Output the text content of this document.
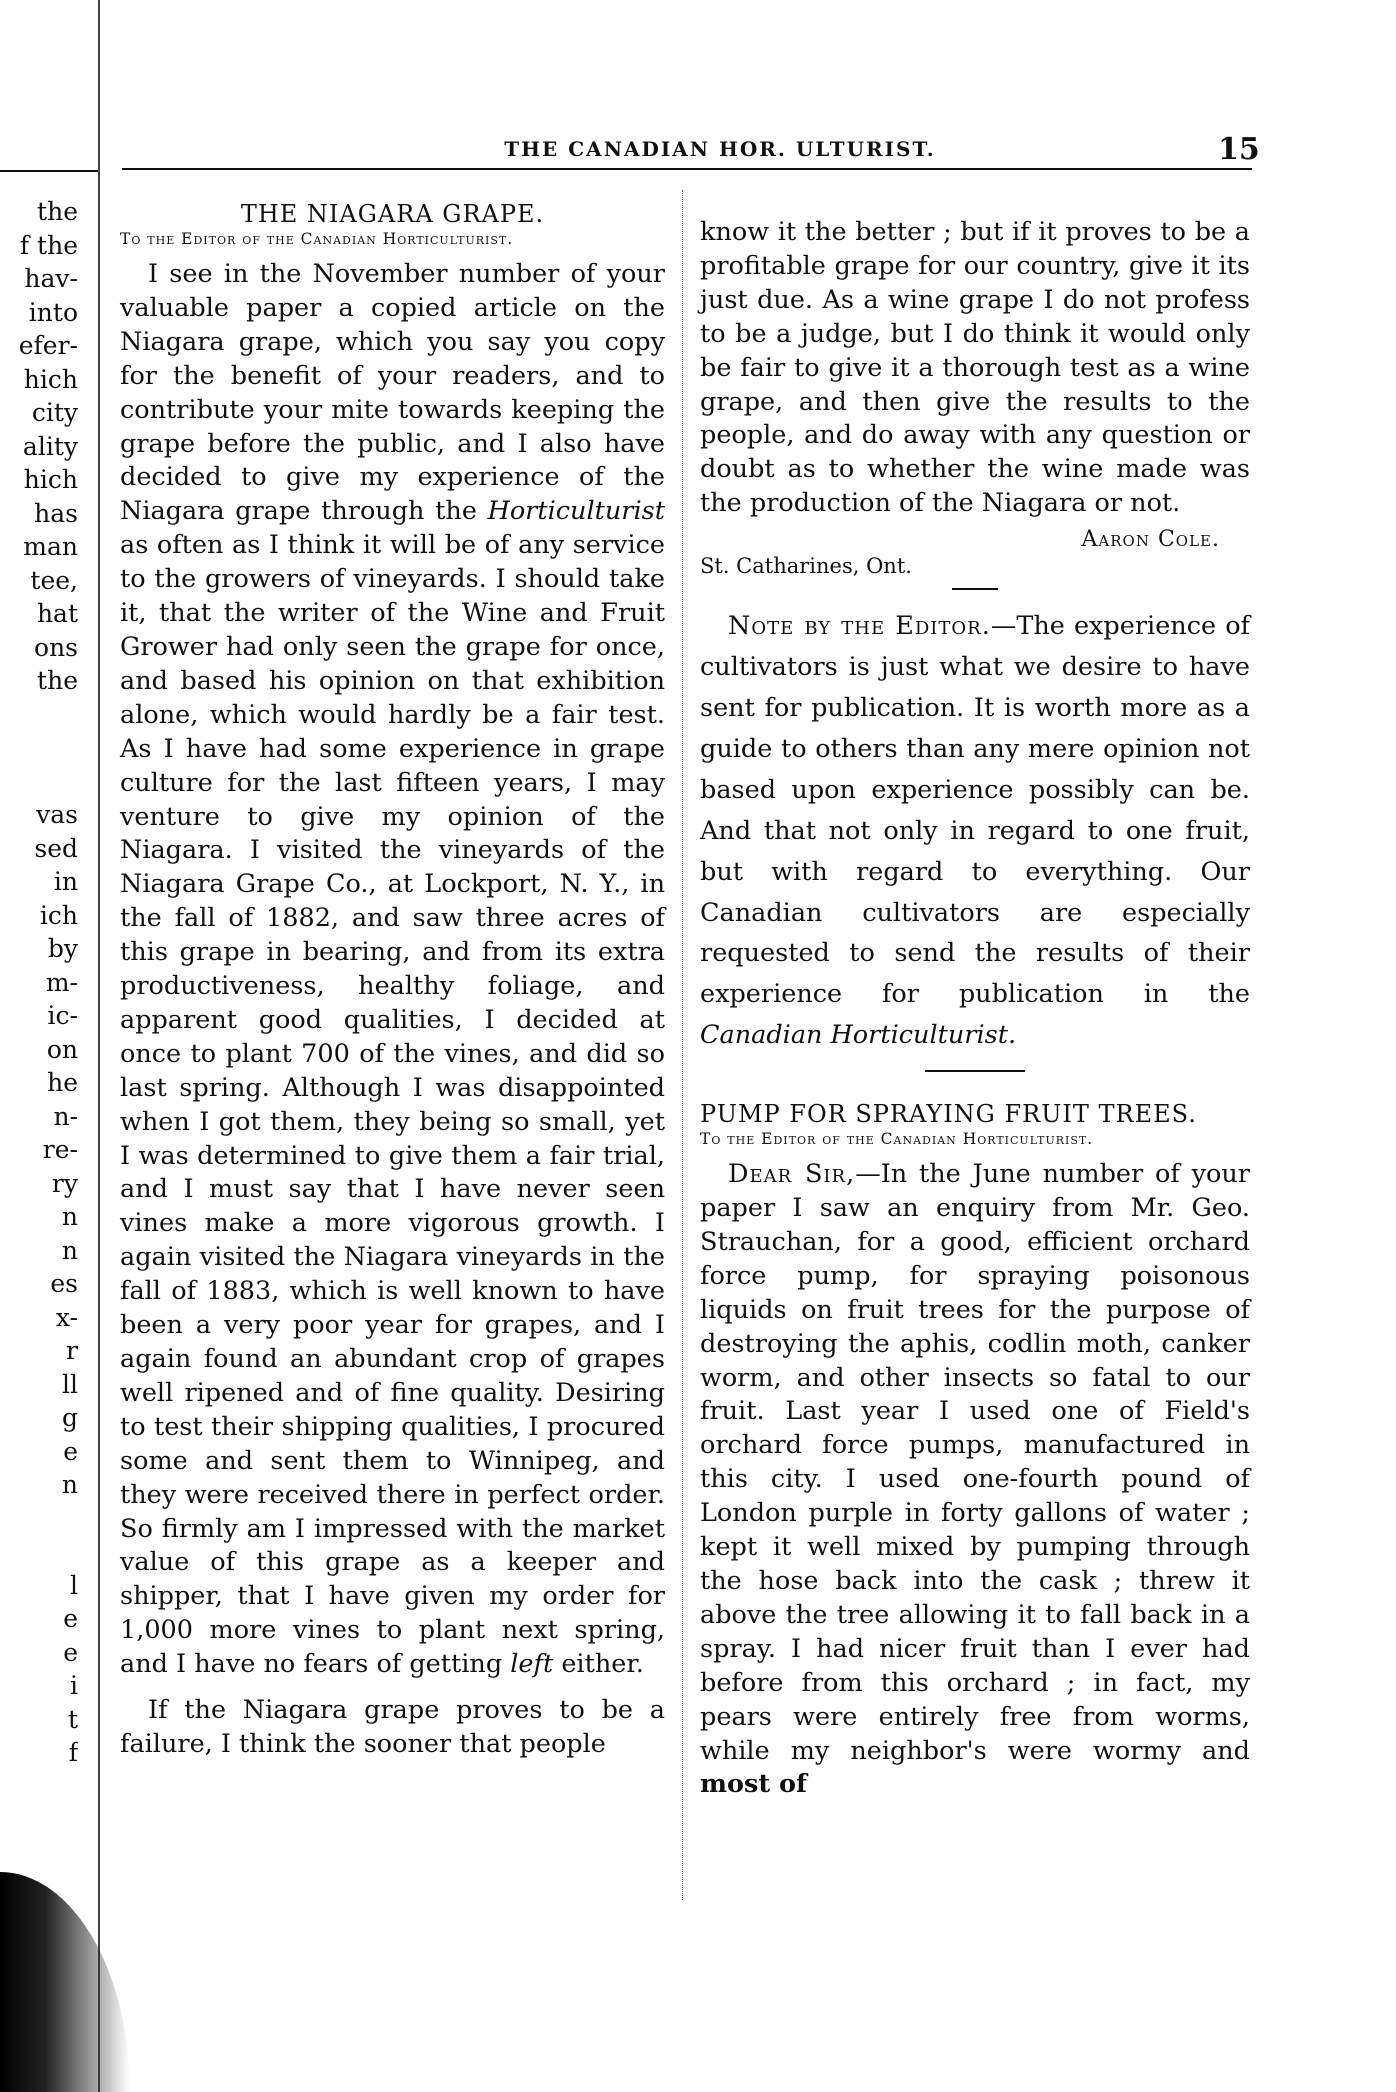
the
f the
hav-
into
efer-
hich
city
ality
hich
has
man
tee,
hat
ons
the
vas
sed
in
ich
by
m-
ic-
on
he
n-
re-
ry
n
n
es
x-
r
ll
g
e
n
l
e
e
i
t
f
THE CANADIAN HOR. ULTURIST.	15
THE NIAGARA GRAPE.
To the Editor of the Canadian Horticulturist.

I see in the November number of your valuable paper a copied article on the Niagara grape, which you say you copy for the benefit of your readers, and to contribute your mite towards keeping the grape before the public, and I also have decided to give my experience of the Niagara grape through the Horticulturist as often as I think it will be of any service to the growers of vineyards. I should take it, that the writer of the Wine and Fruit Grower had only seen the grape for once, and based his opinion on that exhibition alone, which would hardly be a fair test. As I have had some experience in grape culture for the last fifteen years, I may venture to give my opinion of the Niagara. I visited the vineyards of the Niagara Grape Co., at Lockport, N. Y., in the fall of 1882, and saw three acres of this grape in bearing, and from its extra productiveness, healthy foliage, and apparent good qualities, I decided at once to plant 700 of the vines, and did so last spring. Although I was disappointed when I got them, they being so small, yet I was determined to give them a fair trial, and I must say that I have never seen vines make a more vigorous growth. I again visited the Niagara vineyards in the fall of 1883, which is well known to have been a very poor year for grapes, and I again found an abundant crop of grapes well ripened and of fine quality. Desiring to test their shipping qualities, I procured some and sent them to Winnipeg, and they were received there in perfect order. So firmly am I impressed with the market value of this grape as a keeper and shipper, that I have given my order for 1,000 more vines to plant next spring, and I have no fears of getting left either.

If the Niagara grape proves to be a failure, I think the sooner that people

know it the better ; but if it proves to be a profitable grape for our country, give it its just due. As a wine grape I do not profess to be a judge, but I do think it would only be fair to give it a thorough test as a wine grape, and then give the results to the people, and do away with any question or doubt as to whether the wine made was the production of the Niagara or not.
Aaron Cole.
St. Catharines, Ont.
Note by the Editor.—The experience of cultivators is just what we desire to have sent for publication. It is worth more as a guide to others than any mere opinion not based upon experience possibly can be. And that not only in regard to one fruit, but with regard to everything. Our Canadian cultivators are especially requested to send the results of their experience for publication in the Canadian Horticulturist.
PUMP FOR SPRAYING FRUIT TREES.
To the Editor of the Canadian Horticulturist.
Dear Sir,—In the June number of your paper I saw an enquiry from Mr. Geo. Strauchan, for a good, efficient orchard force pump, for spraying poisonous liquids on fruit trees for the purpose of destroying the aphis, codlin moth, canker worm, and other insects so fatal to our fruit. Last year I used one of Field's orchard force pumps, manufactured in this city. I used one-fourth pound of London purple in forty gallons of water ; kept it well mixed by pumping through the hose back into the cask ; threw it above the tree allowing it to fall back in a spray. I had nicer fruit than I ever had before from this orchard ; in fact, my pears were entirely free from worms, while my neighbor's were wormy and most of
